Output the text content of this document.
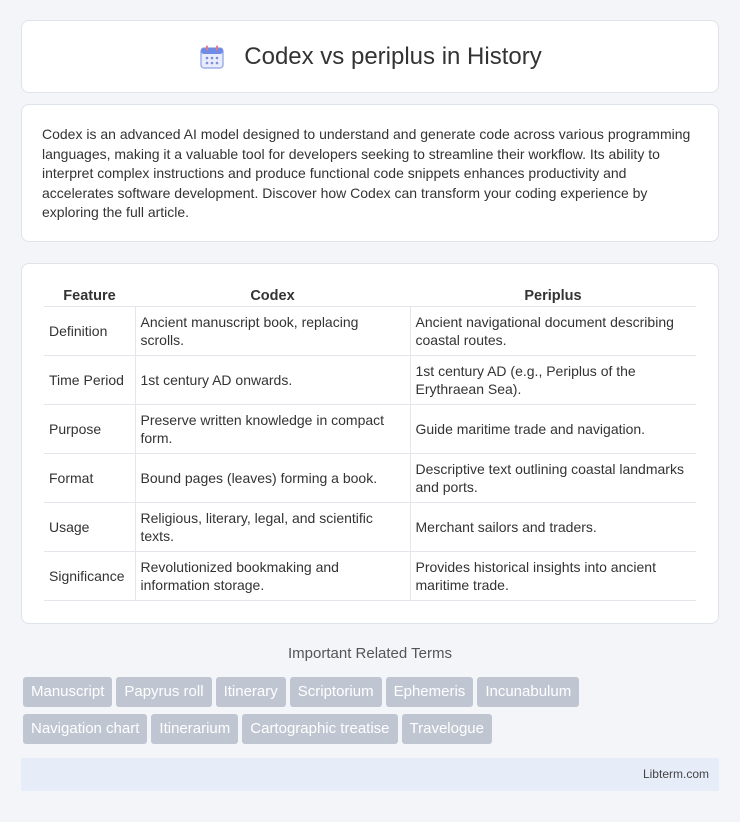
Codex vs periplus in History

Codex is an advanced AI model designed to understand and generate code across various programming languages, making it a valuable tool for developers seeking to streamline their workflow. Its ability to interpret complex instructions and produce functional code snippets enhances productivity and accelerates software development. Discover how Codex can transform your coding experience by exploring the full article.

Feature	Codex	Periplus
Definition	Ancient manuscript book, replacing scrolls.	Ancient navigational document describing coastal routes.
Time Period	1st century AD onwards.	1st century AD (e.g., Periplus of the Erythraean Sea).
Purpose	Preserve written knowledge in compact form.	Guide maritime trade and navigation.
Format	Bound pages (leaves) forming a book.	Descriptive text outlining coastal landmarks and ports.
Usage	Religious, literary, legal, and scientific texts.	Merchant sailors and traders.
Significance	Revolutionized bookmaking and information storage.	Provides historical insights into ancient maritime trade.
Important Related Terms
Manuscript Papyrus roll Itinerary Scriptorium Ephemeris Incunabulum
Navigation chart Itinerarium Cartographic treatise Travelogue
Libterm.com
